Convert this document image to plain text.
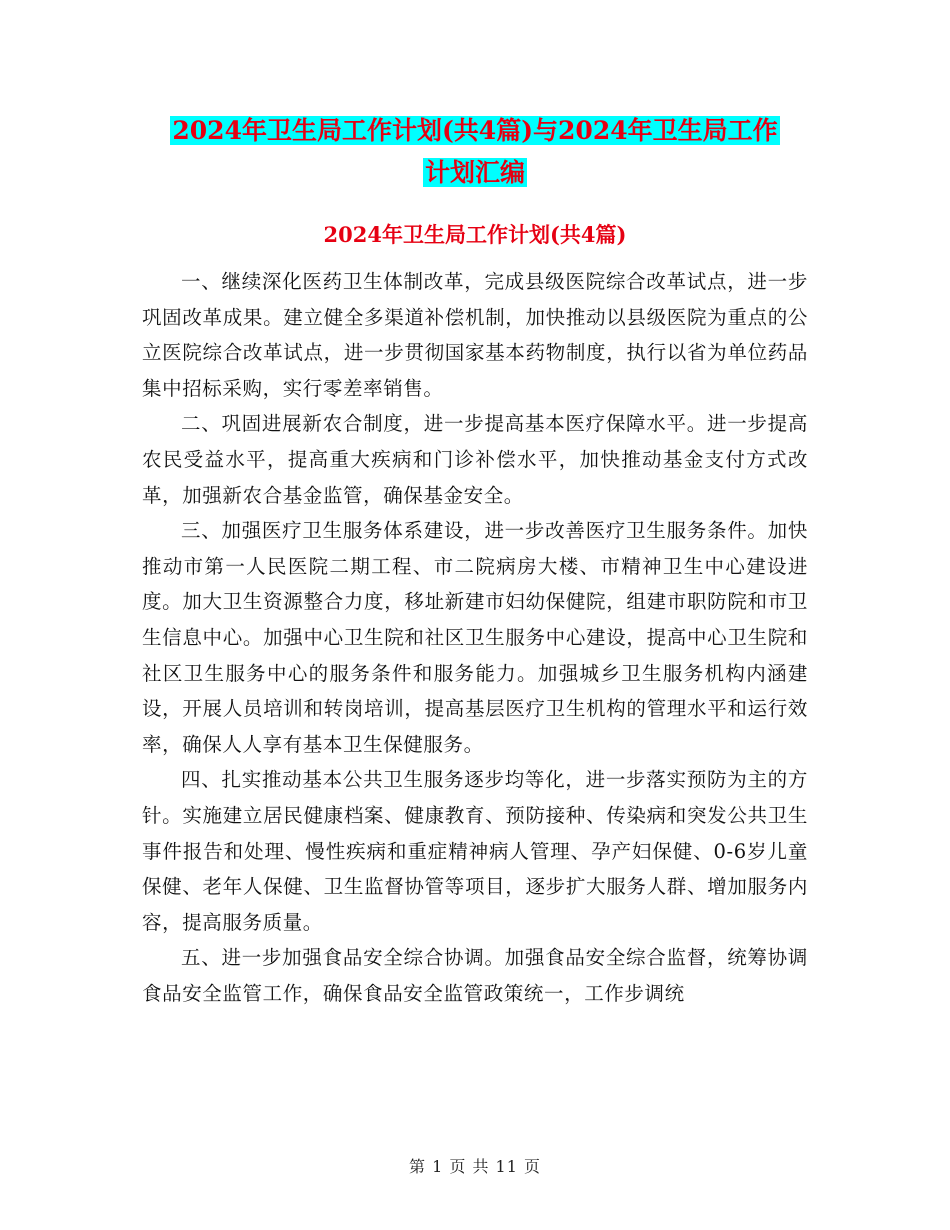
2024年卫生局工作计划(共4篇)与2024年卫生局工作
计划汇编
2024年卫生局工作计划(共4篇)

一、继续深化医药卫生体制改革，完成县级医院综合改革试点，进一步巩固改革成果。建立健全多渠道补偿机制，加快推动以县级医院为重点的公立医院综合改革试点，进一步贯彻国家基本药物制度，执行以省为单位药品集中招标采购，实行零差率销售。

二、巩固进展新农合制度，进一步提高基本医疗保障水平。进一步提高农民受益水平，提高重大疾病和门诊补偿水平，加快推动基金支付方式改革，加强新农合基金监管，确保基金安全。

三、加强医疗卫生服务体系建设，进一步改善医疗卫生服务条件。加快推动市第一人民医院二期工程、市二院病房大楼、市精神卫生中心建设进度。加大卫生资源整合力度，移址新建市妇幼保健院，组建市职防院和市卫生信息中心。加强中心卫生院和社区卫生服务中心建设，提高中心卫生院和社区卫生服务中心的服务条件和服务能力。加强城乡卫生服务机构内涵建设，开展人员培训和转岗培训，提高基层医疗卫生机构的管理水平和运行效率，确保人人享有基本卫生保健服务。

四、扎实推动基本公共卫生服务逐步均等化，进一步落实预防为主的方针。实施建立居民健康档案、健康教育、预防接种、传染病和突发公共卫生事件报告和处理、慢性疾病和重症精神病人管理、孕产妇保健、0-6岁儿童保健、老年人保健、卫生监督协管等项目，逐步扩大服务人群、增加服务内容，提高服务质量。

五、进一步加强食品安全综合协调。加强食品安全综合监督，统筹协调食品安全监管工作，确保食品安全监管政策统一，工作步调统

第 1 页 共 11 页
